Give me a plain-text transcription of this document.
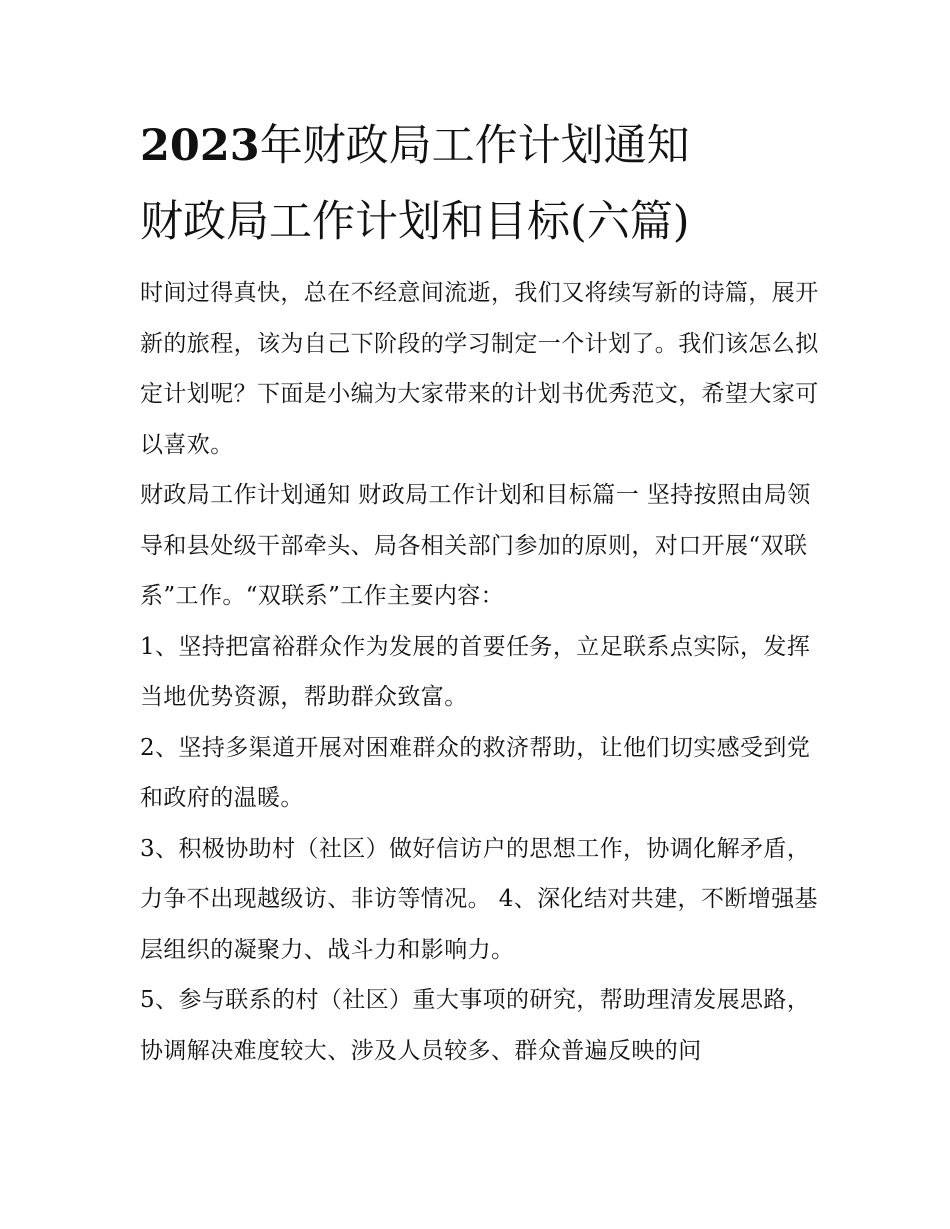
2023年财政局工作计划通知
财政局工作计划和目标(六篇)

时间过得真快，总在不经意间流逝，我们又将续写新的诗篇，展开新的旅程，该为自己下阶段的学习制定一个计划了。我们该怎么拟定计划呢？下面是小编为大家带来的计划书优秀范文，希望大家可以喜欢。

财政局工作计划通知 财政局工作计划和目标篇一 坚持按照由局领导和县处级干部牵头、局各相关部门参加的原则，对口开展“双联系”工作。“双联系”工作主要内容：

1、坚持把富裕群众作为发展的首要任务，立足联系点实际，发挥当地优势资源，帮助群众致富。

2、坚持多渠道开展对困难群众的救济帮助，让他们切实感受到党和政府的温暖。

3、积极协助村（社区）做好信访户的思想工作，协调化解矛盾，力争不出现越级访、非访等情况。 4、深化结对共建，不断增强基层组织的凝聚力、战斗力和影响力。

5、参与联系的村（社区）重大事项的研究，帮助理清发展思路，协调解决难度较大、涉及人员较多、群众普遍反映的问
